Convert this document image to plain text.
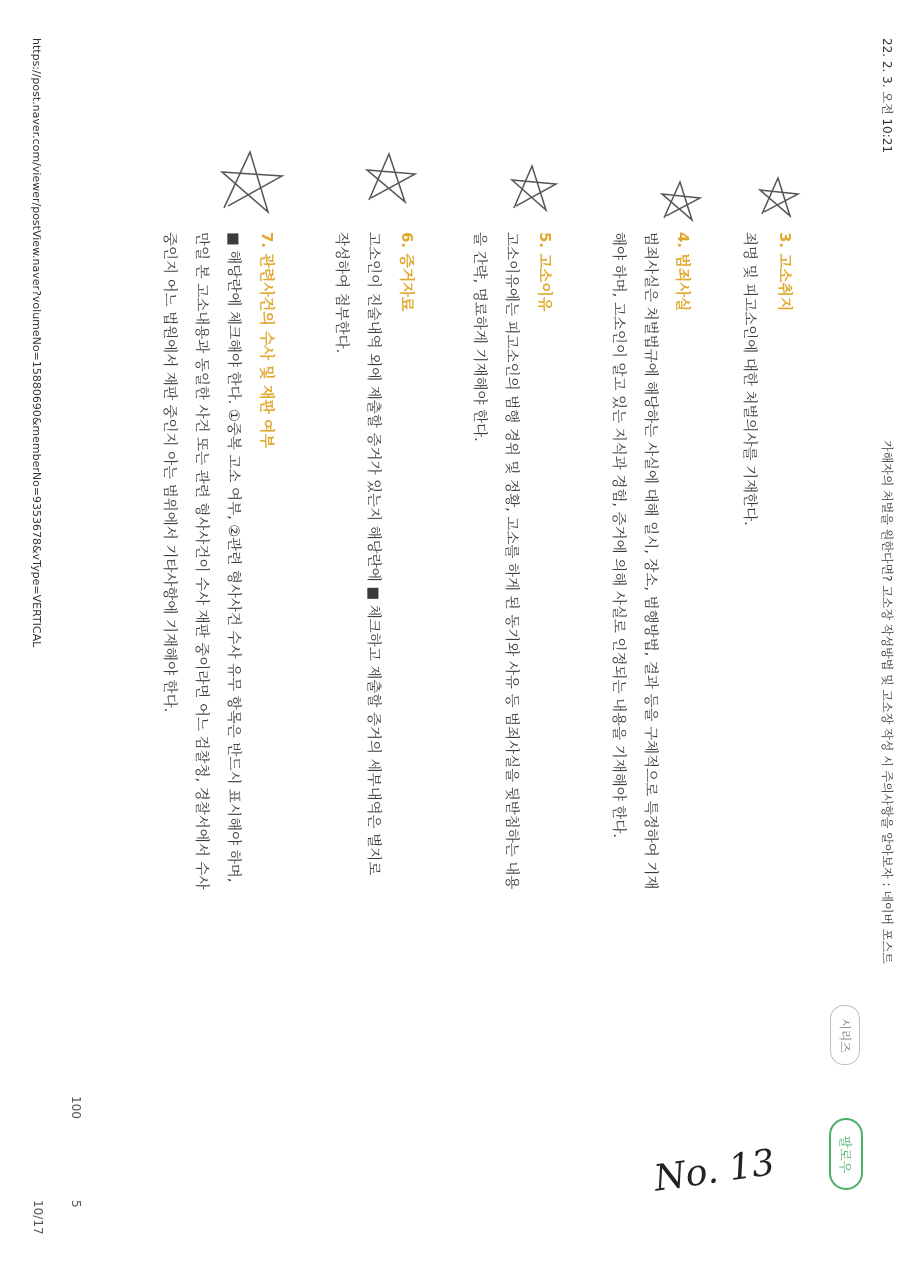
22. 2. 3. 오전 10:21
가해자의 처벌을 원한다면? 고소장 작성방법 및 고소장 작성 시 주의사항을 알아보자 : 네이버 포스트
시리즈
팔로우
3. 고소취지
죄명 및 피고소인에 대한 처벌의사를 기재한다.
4. 범죄사실
범죄사실은 처벌법규에 해당하는 사실에 대해 일시, 장소, 범행방법, 결과 등을 구체적으로 특정하여 기재
해야 하며, 고소인이 알고 있는 지식과 경험, 증거에 의해 사실로 인정되는 내용을 기재해야 한다.
5. 고소이유
고소이유에는 피고소인의 범행 경위 및 정황, 고소를 하게 된 동기와 사유 등 범죄사실을 뒷받침하는 내용
을 간략, 명료하게 기재해야 한다.
6. 증거자료
고소인이 진술내역 외에 제출할 증거가 있는지 해당란에 ■ 체크하고 제출할 증거의 세부내역은 별지로
작성하여 첨부한다.
7. 관련사건의 수사 및 재판 여부
■ 해당란에 체크해야 한다. ①중복 고소 여부, ②관련 형사사건 수사 유무 항목은 반드시 표시해야 하며,
만일 본 고소내용과 동일한 사건 또는 관련 형사사건이 수사 재판 중이라면 어느 검찰청, 경찰서에서 수사
중인지 어느 법원에서 재판 중인지 아는 범위에서 기타사항에 기재해야 한다.
https://post.naver.com/viewer/postView.naver?volumeNo=15880690&memberNo=9353678&vType=VERTICAL
100
5
10/17
No. 13
